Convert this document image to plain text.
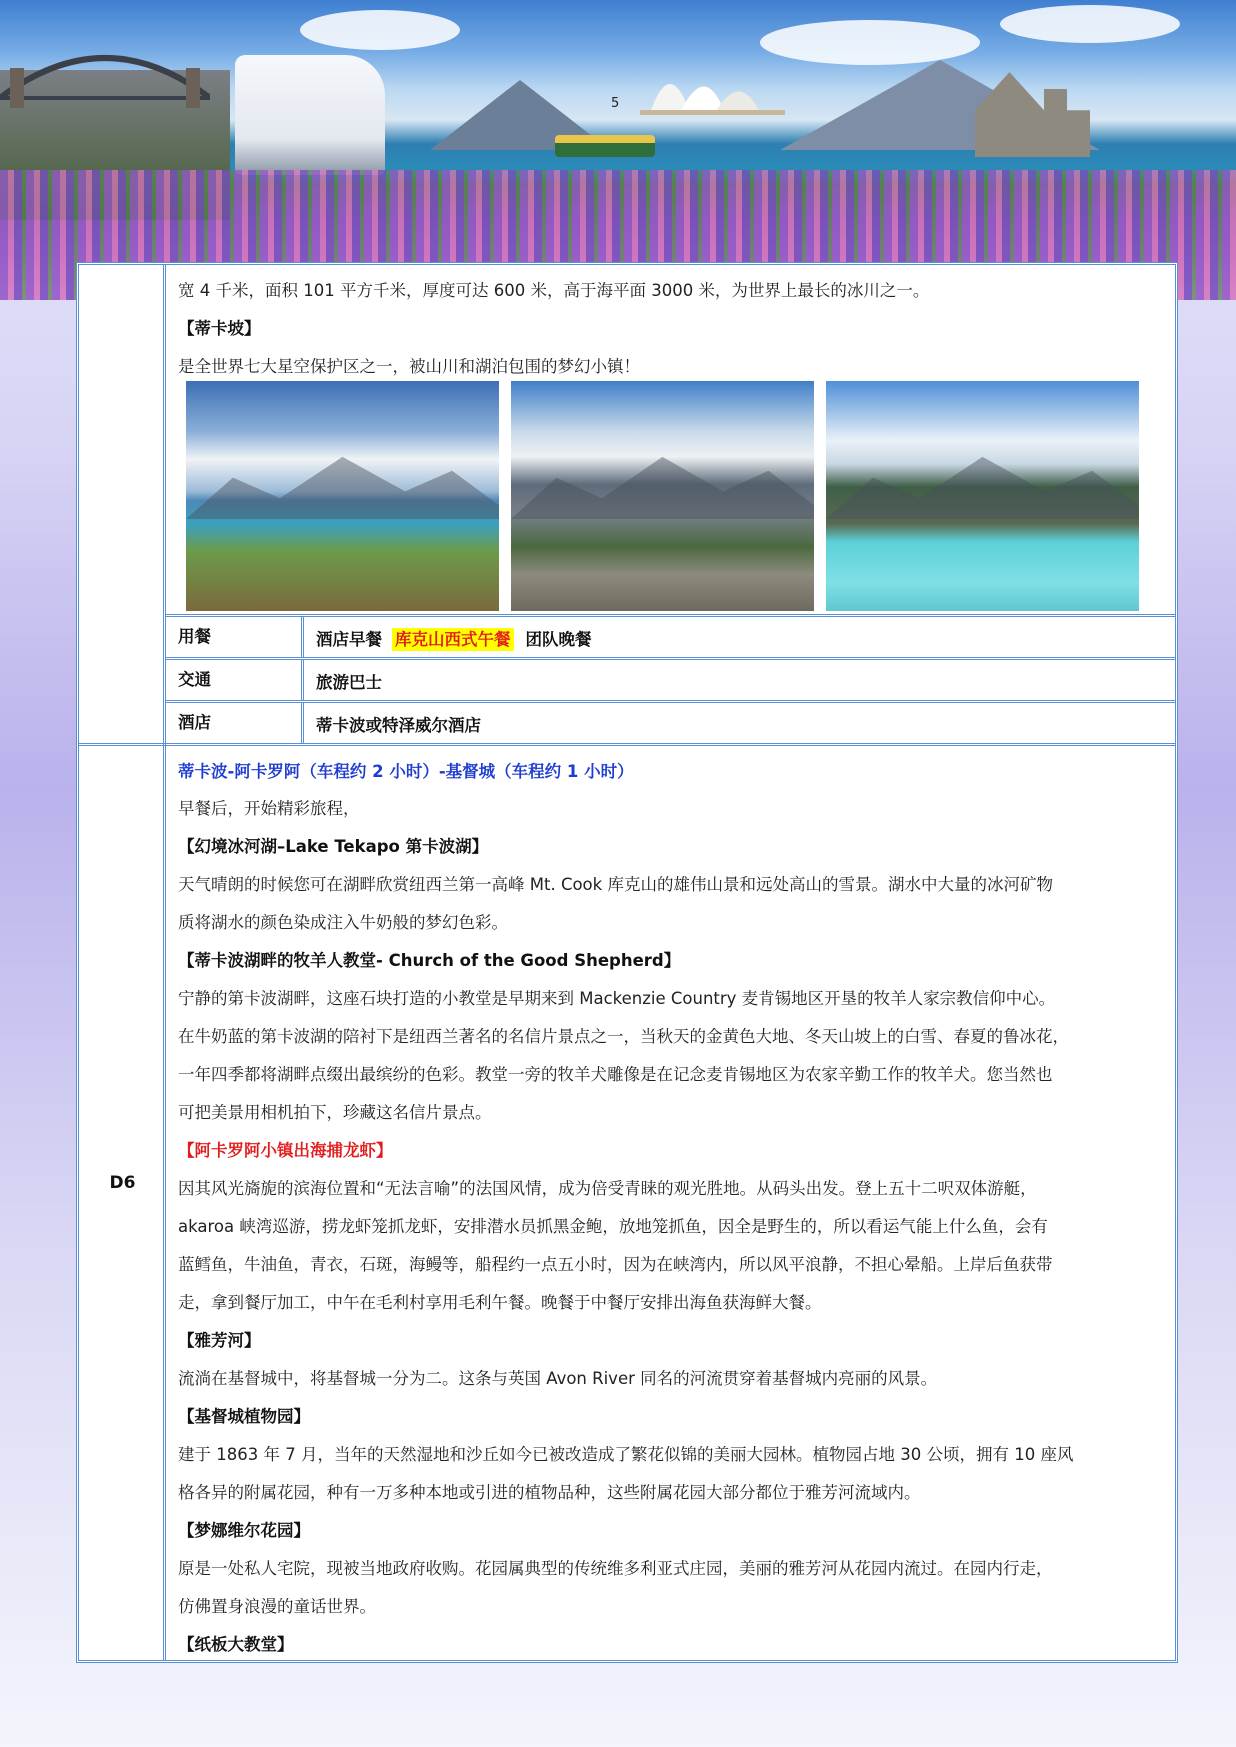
5
D6
宽 4 千米，面积 101 平方千米，厚度可达 600 米，高于海平面 3000 米，为世界上最长的冰川之一。
【蒂卡坡】
是全世界七大星空保护区之一，被山川和湖泊包围的梦幻小镇！
用餐	酒店早餐 库克山西式午餐 团队晚餐
交通	旅游巴士
酒店	蒂卡波或特泽威尔酒店
蒂卡波-阿卡罗阿（车程约 2 小时）-基督城（车程约 1 小时）
早餐后，开始精彩旅程，
【幻境冰河湖–Lake Tekapo 第卡波湖】
天气晴朗的时候您可在湖畔欣赏纽西兰第一高峰 Mt. Cook 库克山的雄伟山景和远处高山的雪景。湖水中大量的冰河矿物
质将湖水的颜色染成注入牛奶般的梦幻色彩。
【蒂卡波湖畔的牧羊人教堂- Church of the Good Shepherd】
宁静的第卡波湖畔，这座石块打造的小教堂是早期来到 Mackenzie Country 麦肯锡地区开垦的牧羊人家宗教信仰中心。
在牛奶蓝的第卡波湖的陪衬下是纽西兰著名的名信片景点之一，当秋天的金黄色大地、冬天山坡上的白雪、春夏的鲁冰花，
一年四季都将湖畔点缀出最缤纷的色彩。教堂一旁的牧羊犬雕像是在记念麦肯锡地区为农家辛勤工作的牧羊犬。您当然也
可把美景用相机拍下，珍藏这名信片景点。
【阿卡罗阿小镇出海捕龙虾】
因其风光旖旎的滨海位置和“无法言喻”的法国风情，成为倍受青睐的观光胜地。从码头出发。登上五十二呎双体游艇，
akaroa 峡湾巡游，捞龙虾笼抓龙虾，安排潜水员抓黑金鲍，放地笼抓鱼，因全是野生的，所以看运气能上什么鱼，会有
蓝鳕鱼，牛油鱼，青衣，石斑，海鳗等，船程约一点五小时，因为在峡湾内，所以风平浪静，不担心晕船。上岸后鱼获带
走，拿到餐厅加工，中午在毛利村享用毛利午餐。晚餐于中餐厅安排出海鱼获海鲜大餐。
【雅芳河】
流淌在基督城中，将基督城一分为二。这条与英国 Avon River 同名的河流贯穿着基督城内亮丽的风景。
【基督城植物园】
建于 1863 年 7 月，当年的天然湿地和沙丘如今已被改造成了繁花似锦的美丽大园林。植物园占地 30 公顷，拥有 10 座风
格各异的附属花园，种有一万多种本地或引进的植物品种，这些附属花园大部分都位于雅芳河流域内。
【梦娜维尔花园】
原是一处私人宅院，现被当地政府收购。花园属典型的传统维多利亚式庄园，美丽的雅芳河从花园内流过。在园内行走，
仿佛置身浪漫的童话世界。
【纸板大教堂】
